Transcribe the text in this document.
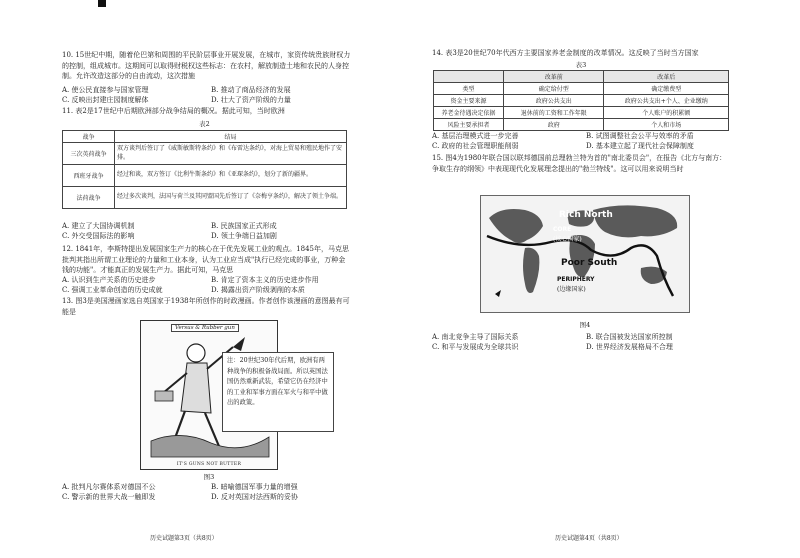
10. 15世纪中期，随着伦巴第和周围的平民阶层事业开展发展，在城市，家资传统贵族财权力的控制，组成城市。这期间可以取得财税权这些标志：在农村，解放制造土地和农民的人身控制。允许改造这部分的自由流动，这次措施
A. 使公民直接参与国家管理	B. 推动了商品经济的发展
C. 反映出封建庄园制度解体	D. 壮大了资产阶级的力量
11. 表2是17世纪中后期欧洲部分战争结局的概况。据此可知，当时欧洲
表2
战争	结局
三次英荷战争	双方谈判后签订了《威斯敏斯特条约》和《布雷达条约》，对海上贸易和殖民地作了安排。
西班牙战争	经过和谈，双方签订《比利牛斯条约》和《亚琛条约》，划分了新的疆界。
法荷战争	经过多次谈判，法国与荷兰及其同盟国先后签订了《奈梅亨条约》，解决了领土争端。
A. 建立了大国协调机制	B. 民族国家正式形成
C. 外交受国际法的影响	D. 领土争端日益加剧
12. 1841年，李斯特提出发展国家生产力的核心在于优先发展工业的观点。1845年，马克思批判其指出所谓工业理论的力量和工业本身，认为工业应当成"执行已经完成的事业，万种金钱的功能"。才能真正的发展生产力。据此可知，马克思
A. 认识到生产关系的历史进步	B. 肯定了资本主义的历史进步作用
C. 强调工业革命创造的历史成就	D. 揭露出资产阶级剥削的本质
13. 图3是美国漫画家选自英国家于1938年所创作的时政漫画。作者创作该漫画的意图最有可能是
Versus & Rubber gun
IT'S GUNS NOT BUTTER
注：20世纪30年代后期，欧洲有两种战争的积极备战局面。所以英国法国仍然重新武装，希望它仍在经济中的工业和军事方面在军火与和平中做出的政策。
图3
A. 批判凡尔赛体系对德国不公	B. 暗喻德国军事力量的增强
C. 警示新的世界大战一触即发	D. 反对英国对法西斯的妥协
历史试题第3页（共8页）
14. 表3是20世纪70年代西方主要国家养老金制度的改革情况。这反映了当时当方国家
表3
	改革前	改革后
类型	确定给付型	确定缴费型
资金主要来源	政府公共支出	政府公共支出+个人、企业缴纳
养老金待遇决定依据	退休前的工资和工作年限	个人账户的积累额
风险主要承担者	政府	个人和市场
A. 基层治理模式进一步完善	B. 试图调整社会公平与效率的矛盾
C. 政府的社会管理职能削弱	D. 基本建立起了现代社会保障制度
15. 图4为1980年联合国以联邦德国前总理勃兰特为首的"南北委员会"，在报告《北方与南方：争取生存的纲领》中表现现代化发展理念提出的"勃兰特线"。这可以用来说明当时
Rich North
CORE
(核心国家)
Poor South
PERIPHERY
(边缘国家)
图4
A. 南北竞争主导了国际关系	B. 联合国被发达国家所控制
C. 和平与发展成为全球共识	D. 世界经济发展格局不合理
历史试题第4页（共8页）
